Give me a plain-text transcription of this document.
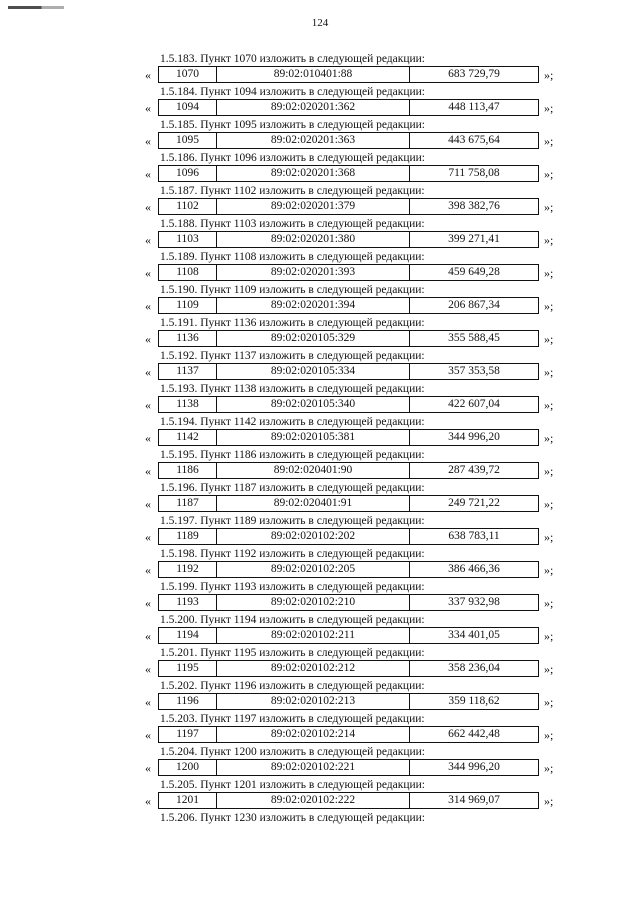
124
1.5.183. Пункт 1070 изложить в следующей редакции:
«	1070	89:02:010401:88	683 729,79	»;
1.5.184. Пункт 1094 изложить в следующей редакции:
«	1094	89:02:020201:362	448 113,47	»;
1.5.185. Пункт 1095 изложить в следующей редакции:
«	1095	89:02:020201:363	443 675,64	»;
1.5.186. Пункт 1096 изложить в следующей редакции:
«	1096	89:02:020201:368	711 758,08	»;
1.5.187. Пункт 1102 изложить в следующей редакции:
«	1102	89:02:020201:379	398 382,76	»;
1.5.188. Пункт 1103 изложить в следующей редакции:
«	1103	89:02:020201:380	399 271,41	»;
1.5.189. Пункт 1108 изложить в следующей редакции:
«	1108	89:02:020201:393	459 649,28	»;
1.5.190. Пункт 1109 изложить в следующей редакции:
«	1109	89:02:020201:394	206 867,34	»;
1.5.191. Пункт 1136 изложить в следующей редакции:
«	1136	89:02:020105:329	355 588,45	»;
1.5.192. Пункт 1137 изложить в следующей редакции:
«	1137	89:02:020105:334	357 353,58	»;
1.5.193. Пункт 1138 изложить в следующей редакции:
«	1138	89:02:020105:340	422 607,04	»;
1.5.194. Пункт 1142 изложить в следующей редакции:
«	1142	89:02:020105:381	344 996,20	»;
1.5.195. Пункт 1186 изложить в следующей редакции:
«	1186	89:02:020401:90	287 439,72	»;
1.5.196. Пункт 1187 изложить в следующей редакции:
«	1187	89:02:020401:91	249 721,22	»;
1.5.197. Пункт 1189 изложить в следующей редакции:
«	1189	89:02:020102:202	638 783,11	»;
1.5.198. Пункт 1192 изложить в следующей редакции:
«	1192	89:02:020102:205	386 466,36	»;
1.5.199. Пункт 1193 изложить в следующей редакции:
«	1193	89:02:020102:210	337 932,98	»;
1.5.200. Пункт 1194 изложить в следующей редакции:
«	1194	89:02:020102:211	334 401,05	»;
1.5.201. Пункт 1195 изложить в следующей редакции:
«	1195	89:02:020102:212	358 236,04	»;
1.5.202. Пункт 1196 изложить в следующей редакции:
«	1196	89:02:020102:213	359 118,62	»;
1.5.203. Пункт 1197 изложить в следующей редакции:
«	1197	89:02:020102:214	662 442,48	»;
1.5.204. Пункт 1200 изложить в следующей редакции:
«	1200	89:02:020102:221	344 996,20	»;
1.5.205. Пункт 1201 изложить в следующей редакции:
«	1201	89:02:020102:222	314 969,07	»;
1.5.206. Пункт 1230 изложить в следующей редакции:
